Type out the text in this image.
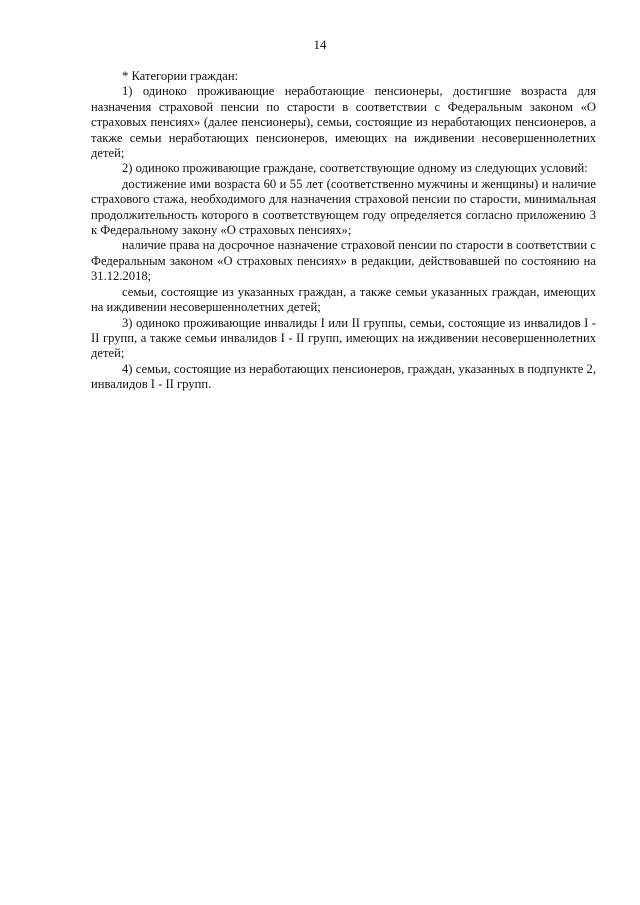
14

* Категории граждан:

1) одиноко проживающие неработающие пенсионеры, достигшие возраста для назначения страховой пенсии по старости в соответствии с Федеральным законом «О страховых пенсиях» (далее пенсионеры), семьи, состоящие из неработающих пенсионеров, а также семьи неработающих пенсионеров, имеющих на иждивении несовершеннолетних детей;

2) одиноко проживающие граждане, соответствующие одному из следующих условий:

достижение ими возраста 60 и 55 лет (соответственно мужчины и женщины) и наличие страхового стажа, необходимого для назначения страховой пенсии по старости, минимальная продолжительность которого в соответствующем году определяется согласно приложению 3 к Федеральному закону «О страховых пенсиях»;

наличие права на досрочное назначение страховой пенсии по старости в соответствии с Федеральным законом «О страховых пенсиях» в редакции, действовавшей по состоянию на 31.12.2018;

семьи, состоящие из указанных граждан, а также семьи указанных граждан, имеющих на иждивении несовершеннолетних детей;

3) одиноко проживающие инвалиды I или II группы, семьи, состоящие из инвалидов I - II групп, а также семьи инвалидов I - II групп, имеющих на иждивении несовершеннолетних детей;

4) семьи, состоящие из неработающих пенсионеров, граждан, указанных в подпункте 2, инвалидов I - II групп.
